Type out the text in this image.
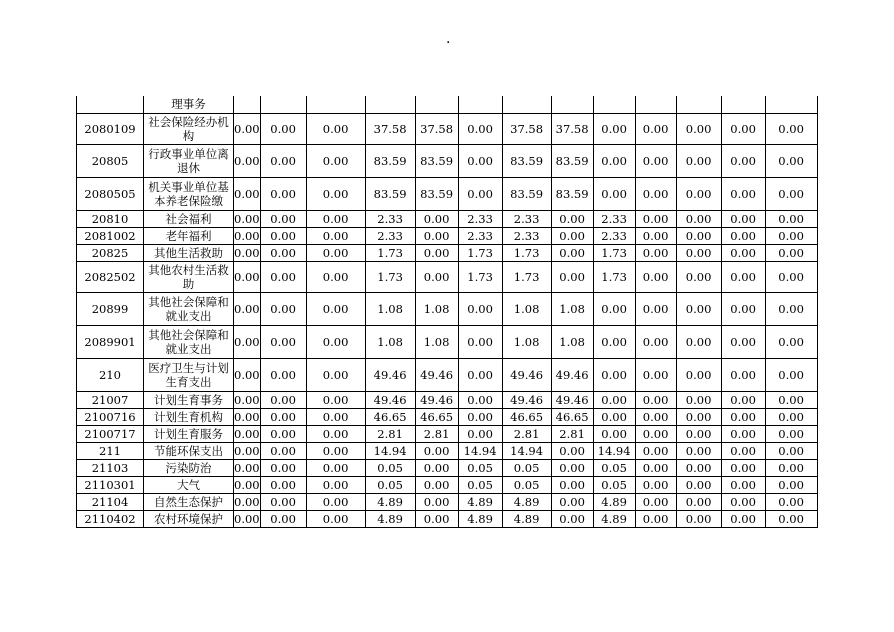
·
	理事务													
2080109	社会保险经办机构	0.00	0.00	0.00	37.58	37.58	0.00	37.58	37.58	0.00	0.00	0.00	0.00	0.00
20805	行政事业单位离退休	0.00	0.00	0.00	83.59	83.59	0.00	83.59	83.59	0.00	0.00	0.00	0.00	0.00
2080505	机关事业单位基本养老保险缴	0.00	0.00	0.00	83.59	83.59	0.00	83.59	83.59	0.00	0.00	0.00	0.00	0.00
20810	社会福利	0.00	0.00	0.00	2.33	0.00	2.33	2.33	0.00	2.33	0.00	0.00	0.00	0.00
2081002	老年福利	0.00	0.00	0.00	2.33	0.00	2.33	2.33	0.00	2.33	0.00	0.00	0.00	0.00
20825	其他生活救助	0.00	0.00	0.00	1.73	0.00	1.73	1.73	0.00	1.73	0.00	0.00	0.00	0.00
2082502	其他农村生活救助	0.00	0.00	0.00	1.73	0.00	1.73	1.73	0.00	1.73	0.00	0.00	0.00	0.00
20899	其他社会保障和就业支出	0.00	0.00	0.00	1.08	1.08	0.00	1.08	1.08	0.00	0.00	0.00	0.00	0.00
2089901	其他社会保障和就业支出	0.00	0.00	0.00	1.08	1.08	0.00	1.08	1.08	0.00	0.00	0.00	0.00	0.00
210	医疗卫生与计划生育支出	0.00	0.00	0.00	49.46	49.46	0.00	49.46	49.46	0.00	0.00	0.00	0.00	0.00
21007	计划生育事务	0.00	0.00	0.00	49.46	49.46	0.00	49.46	49.46	0.00	0.00	0.00	0.00	0.00
2100716	计划生育机构	0.00	0.00	0.00	46.65	46.65	0.00	46.65	46.65	0.00	0.00	0.00	0.00	0.00
2100717	计划生育服务	0.00	0.00	0.00	2.81	2.81	0.00	2.81	2.81	0.00	0.00	0.00	0.00	0.00
211	节能环保支出	0.00	0.00	0.00	14.94	0.00	14.94	14.94	0.00	14.94	0.00	0.00	0.00	0.00
21103	污染防治	0.00	0.00	0.00	0.05	0.00	0.05	0.05	0.00	0.05	0.00	0.00	0.00	0.00
2110301	大气	0.00	0.00	0.00	0.05	0.00	0.05	0.05	0.00	0.05	0.00	0.00	0.00	0.00
21104	自然生态保护	0.00	0.00	0.00	4.89	0.00	4.89	4.89	0.00	4.89	0.00	0.00	0.00	0.00
2110402	农村环境保护	0.00	0.00	0.00	4.89	0.00	4.89	4.89	0.00	4.89	0.00	0.00	0.00	0.00
